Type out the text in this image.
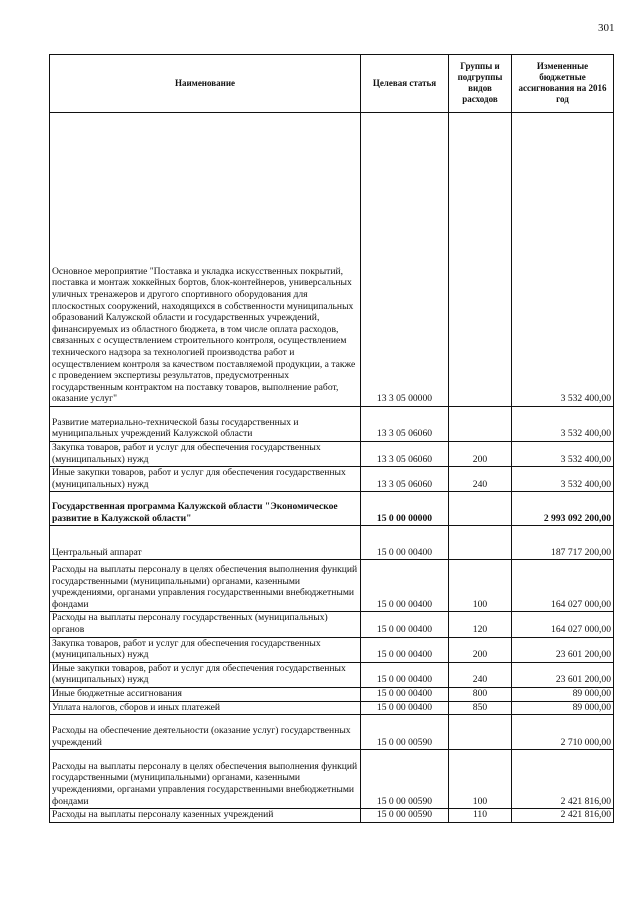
301
Наименование	Целевая статья	Группы и подгруппы видов расходов	Измененные бюджетные ассигнования на 2016 год
Основное мероприятие "Поставка и укладка искусственных покрытий, поставка и монтаж хоккейных бортов, блок-контейнеров, универсальных уличных тренажеров и другого спортивного оборудования для плоскостных сооружений, находящихся в собственности муниципальных образований Калужской области и государственных учреждений, финансируемых из областного бюджета, в том числе оплата расходов, связанных с осуществлением строительного контроля, осуществлением технического надзора за технологией производства работ и осуществлением контроля за качеством поставляемой продукции, а также с проведением экспертизы результатов, предусмотренных государственным контрактом на поставку товаров, выполнение работ, оказание услуг"	13 3 05 00000		3 532 400,00
Развитие материально-технической базы государственных и муниципальных учреждений Калужской области	13 3 05 06060		3 532 400,00
Закупка товаров, работ и услуг для обеспечения государственных (муниципальных) нужд	13 3 05 06060	200	3 532 400,00
Иные закупки товаров, работ и услуг для обеспечения государственных (муниципальных) нужд	13 3 05 06060	240	3 532 400,00
Государственная программа Калужской области "Экономическое развитие в Калужской области"	15 0 00 00000		2 993 092 200,00
Центральный аппарат	15 0 00 00400		187 717 200,00
Расходы на выплаты персоналу в целях обеспечения выполнения функций государственными (муниципальными) органами, казенными учреждениями, органами управления государственными внебюджетными фондами	15 0 00 00400	100	164 027 000,00
Расходы на выплаты персоналу государственных (муниципальных) органов	15 0 00 00400	120	164 027 000,00
Закупка товаров, работ и услуг для обеспечения государственных (муниципальных) нужд	15 0 00 00400	200	23 601 200,00
Иные закупки товаров, работ и услуг для обеспечения государственных (муниципальных) нужд	15 0 00 00400	240	23 601 200,00
Иные бюджетные ассигнования	15 0 00 00400	800	89 000,00
Уплата налогов, сборов и иных платежей	15 0 00 00400	850	89 000,00
Расходы на обеспечение деятельности (оказание услуг) государственных учреждений	15 0 00 00590		2 710 000,00
Расходы на выплаты персоналу в целях обеспечения выполнения функций государственными (муниципальными) органами, казенными учреждениями, органами управления государственными внебюджетными фондами	15 0 00 00590	100	2 421 816,00
Расходы на выплаты персоналу казенных учреждений	15 0 00 00590	110	2 421 816,00
